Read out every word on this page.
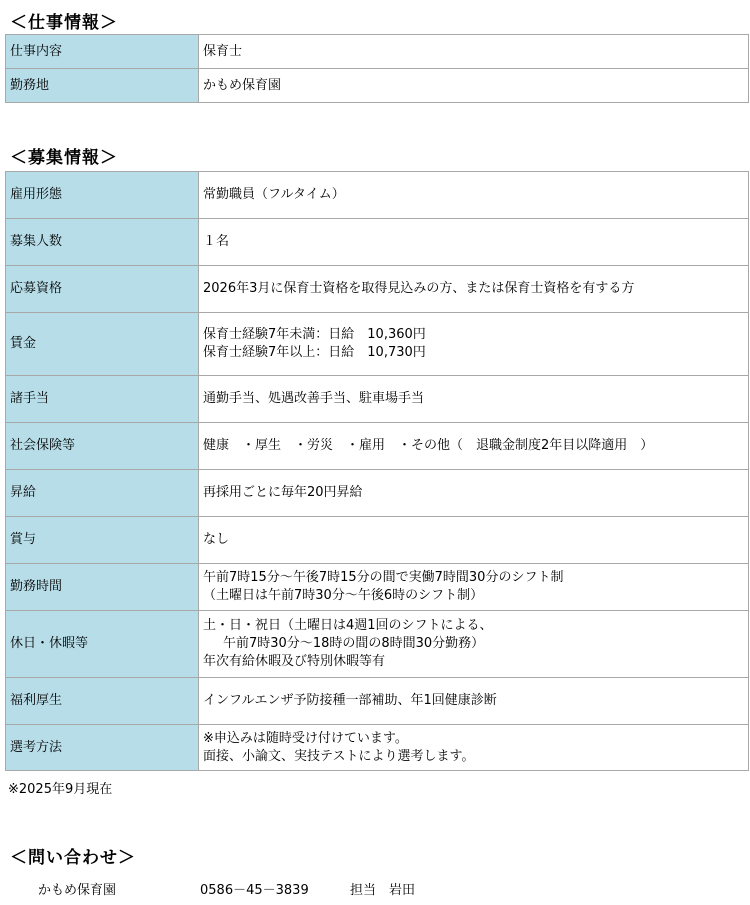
＜仕事情報＞
仕事内容	保育士
勤務地	かもめ保育園
＜募集情報＞
雇用形態	常勤職員（フルタイム）
募集人数	１名
応募資格	2026年3月に保育士資格を取得見込みの方、または保育士資格を有する方
賃金	保育士経験7年未満：日給　10,360円
保育士経験7年以上：日給　10,730円

諸手当	通勤手当、処遇改善手当、駐車場手当
社会保険等	健康　・厚生　・労災　・雇用　・その他（　退職金制度2年目以降適用　）
昇給	再採用ごとに毎年20円昇給
賞与	なし
勤務時間	午前7時15分～午後7時15分の間で実働7時間30分のシフト制
（土曜日は午前7時30分～午後6時のシフト制）

休日・休暇等	土・日・祝日（土曜日は4週1回のシフトによる、
午前7時30分～18時の間の8時間30分勤務）
年次有給休暇及び特別休暇等有

福利厚生	インフルエンザ予防接種一部補助、年1回健康診断
選考方法	※申込みは随時受け付けています。
面接、小論文、実技テストにより選考します。

※2025年9月現在

＜問い合わせ＞

かもめ保育園	0586－45－3839	担当　岩田
